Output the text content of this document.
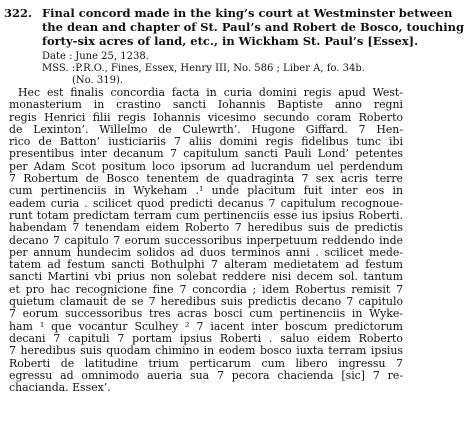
322. Final concord made in the king’s court at Westminster between
the dean and chapter of St. Paul’s and Robert de Bosco, touching
forty-six acres of land, etc., in Wickham St. Paul’s [Essex].
Date : June 25, 1238.
MSS. : P.R.O., Fines, Essex, Henry III, No. 586 ; Liber A, fo. 34b.
(No. 319).
Hec est finalis concordia facta in curia domini regis apud West-
monasterium in crastino sancti Iohannis Baptiste anno regni
regis Henrici filii regis Iohannis vicesimo secundo coram Roberto
de Lexinton’. Willelmo de Culewrth’. Hugone Giffard. 7 Hen-
rico de Batton’ iusticiariis 7 aliis domini regis fidelibus tunc ibi
presentibus inter decanum 7 capitulum sancti Pauli Lond’ petentes
per Adam Scot positum loco ipsorum ad lucrandum uel perdendum
7 Robertum de Bosco tenentem de quadraginta 7 sex acris terre
cum pertinenciis in Wykeham .¹ unde placitum fuit inter eos in
eadem curia . scilicet quod predicti decanus 7 capitulum recognoue-
runt totam predictam terram cum pertinenciis esse ius ipsius Roberti.
habendam 7 tenendam eidem Roberto 7 heredibus suis de predictis
decano 7 capitulo 7 eorum successoribus inperpetuum reddendo inde
per annum hundecim solidos ad duos terminos anni . scilicet mede-
tatem ad festum sancti Bothulphi 7 alteram medietatem ad festum
sancti Martini vbi prius non solebat reddere nisi decem sol. tantum
et pro hac recognicione fine 7 concordia ; idem Robertus remisit 7
quietum clamauit de se 7 heredibus suis predictis decano 7 capitulo
7 eorum successoribus tres acras bosci cum pertinenciis in Wyke-
ham ¹ que vocantur Sculhey ² 7 iacent inter boscum predictorum
decani 7 capituli 7 portam ipsius Roberti . saluo eidem Roberto
7 heredibus suis quodam chimino in eodem bosco iuxta terram ipsius
Roberti de latitudine trium perticarum cum libero ingressu 7
egressu ad omnimodo aueria sua 7 pecora chacienda [sic] 7 re-
chacianda. Essex’.
